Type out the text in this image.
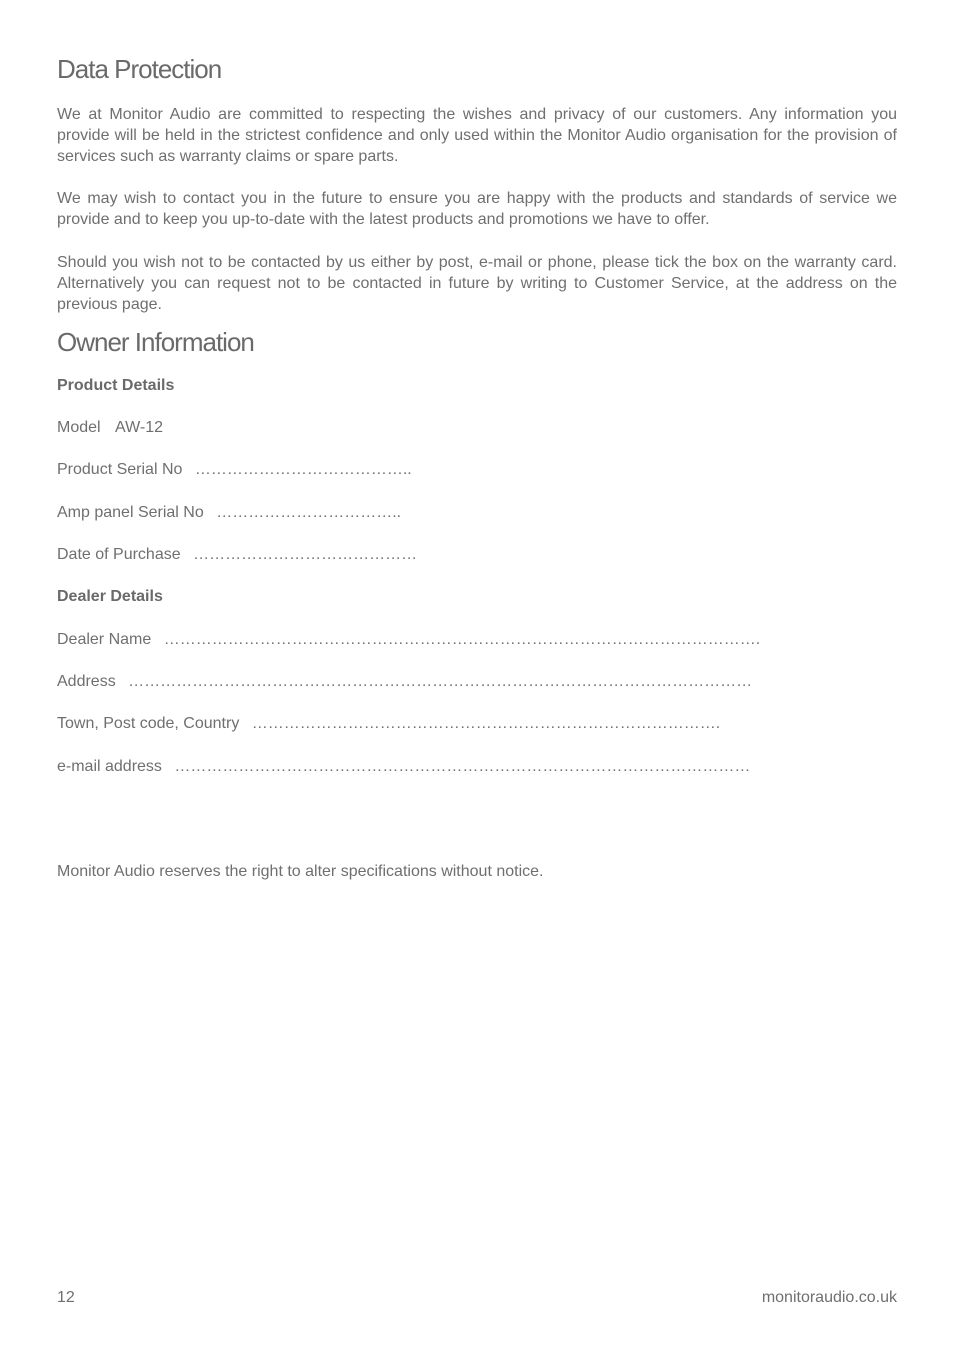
Data Protection

We at Monitor Audio are committed to respecting the wishes and privacy of our customers. Any information you provide will be held in the strictest confidence and only used within the Monitor Audio organisation for the provision of services such as warranty claims or spare parts.

We may wish to contact you in the future to ensure you are happy with the products and standards of service we provide and to keep you up-to-date with the latest products and promotions we have to offer.

Should you wish not to be contacted by us either by post, e-mail or phone, please tick the box on the warranty card. Alternatively you can request not to be contacted in future by writing to Customer Service, at the address on the previous page.

Owner Information
Product Details
Model AW-12
Product Serial No …………………………………..
Amp panel Serial No ……………………………..
Date of Purchase ……………………………………
Dealer Details
Dealer Name ………………………………………………………………………………………………….
Address ………………………………………………………………………………………………………
Town, Post code, Country …………………………………………………………………………….
e-mail address ………………………………………………………………………………………………
Monitor Audio reserves the right to alter specifications without notice.
12	monitoraudio.co.uk
